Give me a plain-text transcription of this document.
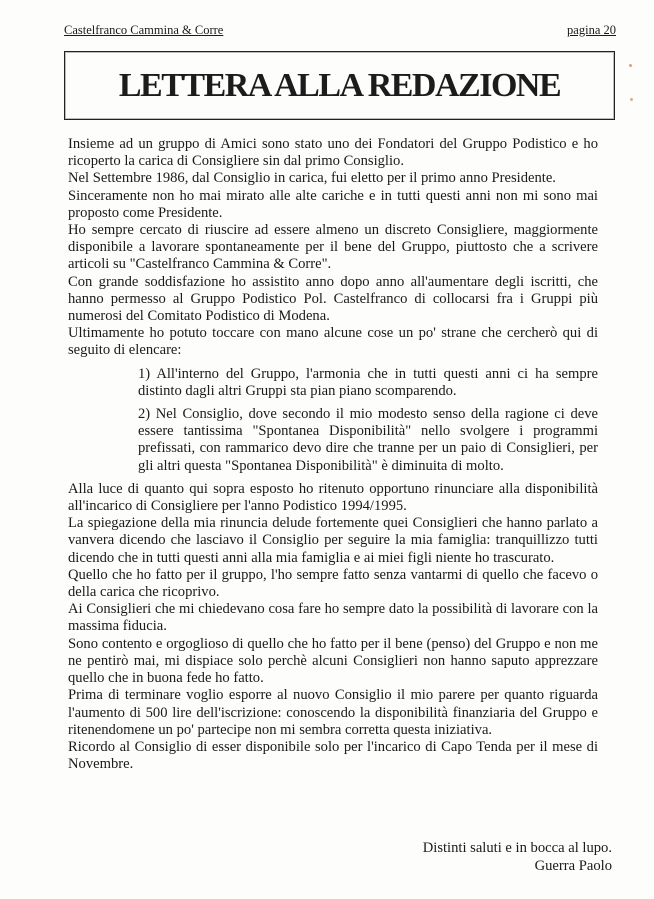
Castelfranco Cammina & Corre	pagina 20
LETTERA ALLA REDAZIONE

Insieme ad un gruppo di Amici sono stato uno dei Fondatori del Gruppo Podistico e ho ricoperto la carica di Consigliere sin dal primo Consiglio.

Nel Settembre 1986, dal Consiglio in carica, fui eletto per il primo anno Presidente.

Sinceramente non ho mai mirato alle alte cariche e in tutti questi anni non mi sono mai proposto come Presidente.

Ho sempre cercato di riuscire ad essere almeno un discreto Consigliere, maggiormente disponibile a lavorare spontaneamente per il bene del Gruppo, piuttosto che a scrivere articoli su "Castelfranco Cammina & Corre".

Con grande soddisfazione ho assistito anno dopo anno all'aumentare degli iscritti, che hanno permesso al Gruppo Podistico Pol. Castelfranco di collocarsi fra i Gruppi più numerosi del Comitato Podistico di Modena.

Ultimamente ho potuto toccare con mano alcune cose un po' strane che cercherò qui di seguito di elencare:

1) All'interno del Gruppo, l'armonia che in tutti questi anni ci ha sempre distinto dagli altri Gruppi sta pian piano scomparendo.

2) Nel Consiglio, dove secondo il mio modesto senso della ragione ci deve essere tantissima "Spontanea Disponibilità" nello svolgere i programmi prefissati, con rammarico devo dire che tranne per un paio di Consiglieri, per gli altri questa "Spontanea Disponibilità" è diminuita di molto.

Alla luce di quanto qui sopra esposto ho ritenuto opportuno rinunciare alla disponibilità all'incarico di Consigliere per l'anno Podistico 1994/1995.

La spiegazione della mia rinuncia delude fortemente quei Consiglieri che hanno parlato a vanvera dicendo che lasciavo il Consiglio per seguire la mia famiglia: tranquillizzo tutti dicendo che in tutti questi anni alla mia famiglia e ai miei figli niente ho trascurato.

Quello che ho fatto per il gruppo, l'ho sempre fatto senza vantarmi di quello che facevo o della carica che ricoprivo.

Ai Consiglieri che mi chiedevano cosa fare ho sempre dato la possibilità di lavorare con la massima fiducia.

Sono contento e orgoglioso di quello che ho fatto per il bene (penso) del Gruppo e non me ne pentirò mai, mi dispiace solo perchè alcuni Consiglieri non hanno saputo apprezzare quello che in buona fede ho fatto.

Prima di terminare voglio esporre al nuovo Consiglio il mio parere per quanto riguarda l'aumento di 500 lire dell'iscrizione: conoscendo la disponibilità finanziaria del Gruppo e ritenendomene un po' partecipe non mi sembra corretta questa iniziativa.

Ricordo al Consiglio di esser disponibile solo per l'incarico di Capo Tenda per il mese di Novembre.

Distinti saluti e in bocca al lupo.
Guerra Paolo
